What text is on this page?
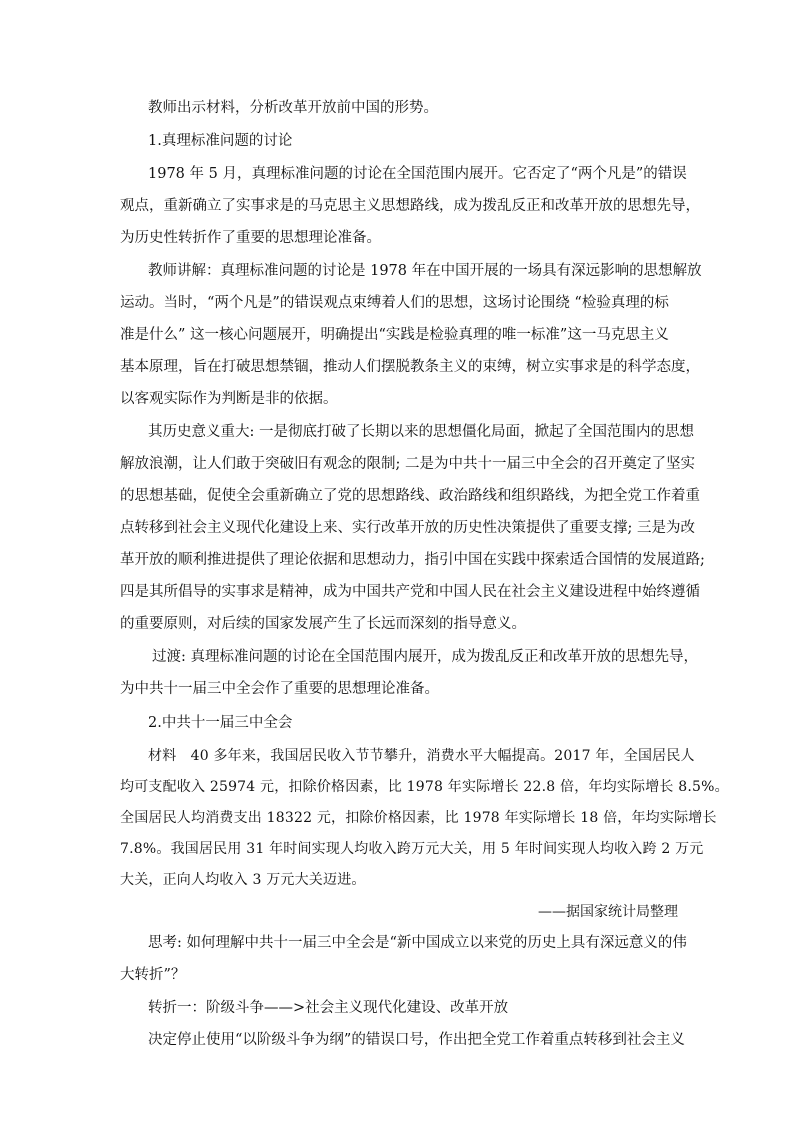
教师出示材料，分析改革开放前中国的形势。
1.真理标准问题的讨论
1978 年 5 月，真理标准问题的讨论在全国范围内展开。它否定了“两个凡是”的错误
观点，重新确立了实事求是的马克思主义思想路线，成为拨乱反正和改革开放的思想先导，
为历史性转折作了重要的思想理论准备。
教师讲解：真理标准问题的讨论是 1978 年在中国开展的一场具有深远影响的思想解放
运动。当时，“两个凡是”的错误观点束缚着人们的思想，这场讨论围绕 “检验真理的标
准是什么” 这一核心问题展开，明确提出“实践是检验真理的唯一标准”这一马克思主义
基本原理，旨在打破思想禁锢，推动人们摆脱教条主义的束缚，树立实事求是的科学态度，
以客观实际作为判断是非的依据。
其历史意义重大: 一是彻底打破了长期以来的思想僵化局面，掀起了全国范围内的思想
解放浪潮，让人们敢于突破旧有观念的限制; 二是为中共十一届三中全会的召开奠定了坚实
的思想基础，促使全会重新确立了党的思想路线、政治路线和组织路线，为把全党工作着重
点转移到社会主义现代化建设上来、实行改革开放的历史性决策提供了重要支撑; 三是为改
革开放的顺利推进提供了理论依据和思想动力，指引中国在实践中探索适合国情的发展道路;
四是其所倡导的实事求是精神，成为中国共产党和中国人民在社会主义建设进程中始终遵循
的重要原则，对后续的国家发展产生了长远而深刻的指导意义。
过渡: 真理标准问题的讨论在全国范围内展开，成为拨乱反正和改革开放的思想先导，
为中共十一届三中全会作了重要的思想理论准备。
2.中共十一届三中全会
材料　40 多年来，我国居民收入节节攀升，消费水平大幅提高。2017 年，全国居民人
均可支配收入 25974 元，扣除价格因素，比 1978 年实际增长 22.8 倍，年均实际增长 8.5%。
全国居民人均消费支出 18322 元，扣除价格因素，比 1978 年实际增长 18 倍，年均实际增长
7.8%。我国居民用 31 年时间实现人均收入跨万元大关，用 5 年时间实现人均收入跨 2 万元
大关，正向人均收入 3 万元大关迈进。
——据国家统计局整理
思考: 如何理解中共十一届三中全会是“新中国成立以来党的历史上具有深远意义的伟
大转折”？
转折一：阶级斗争——>社会主义现代化建设、改革开放
决定停止使用“以阶级斗争为纲”的错误口号，作出把全党工作着重点转移到社会主义
